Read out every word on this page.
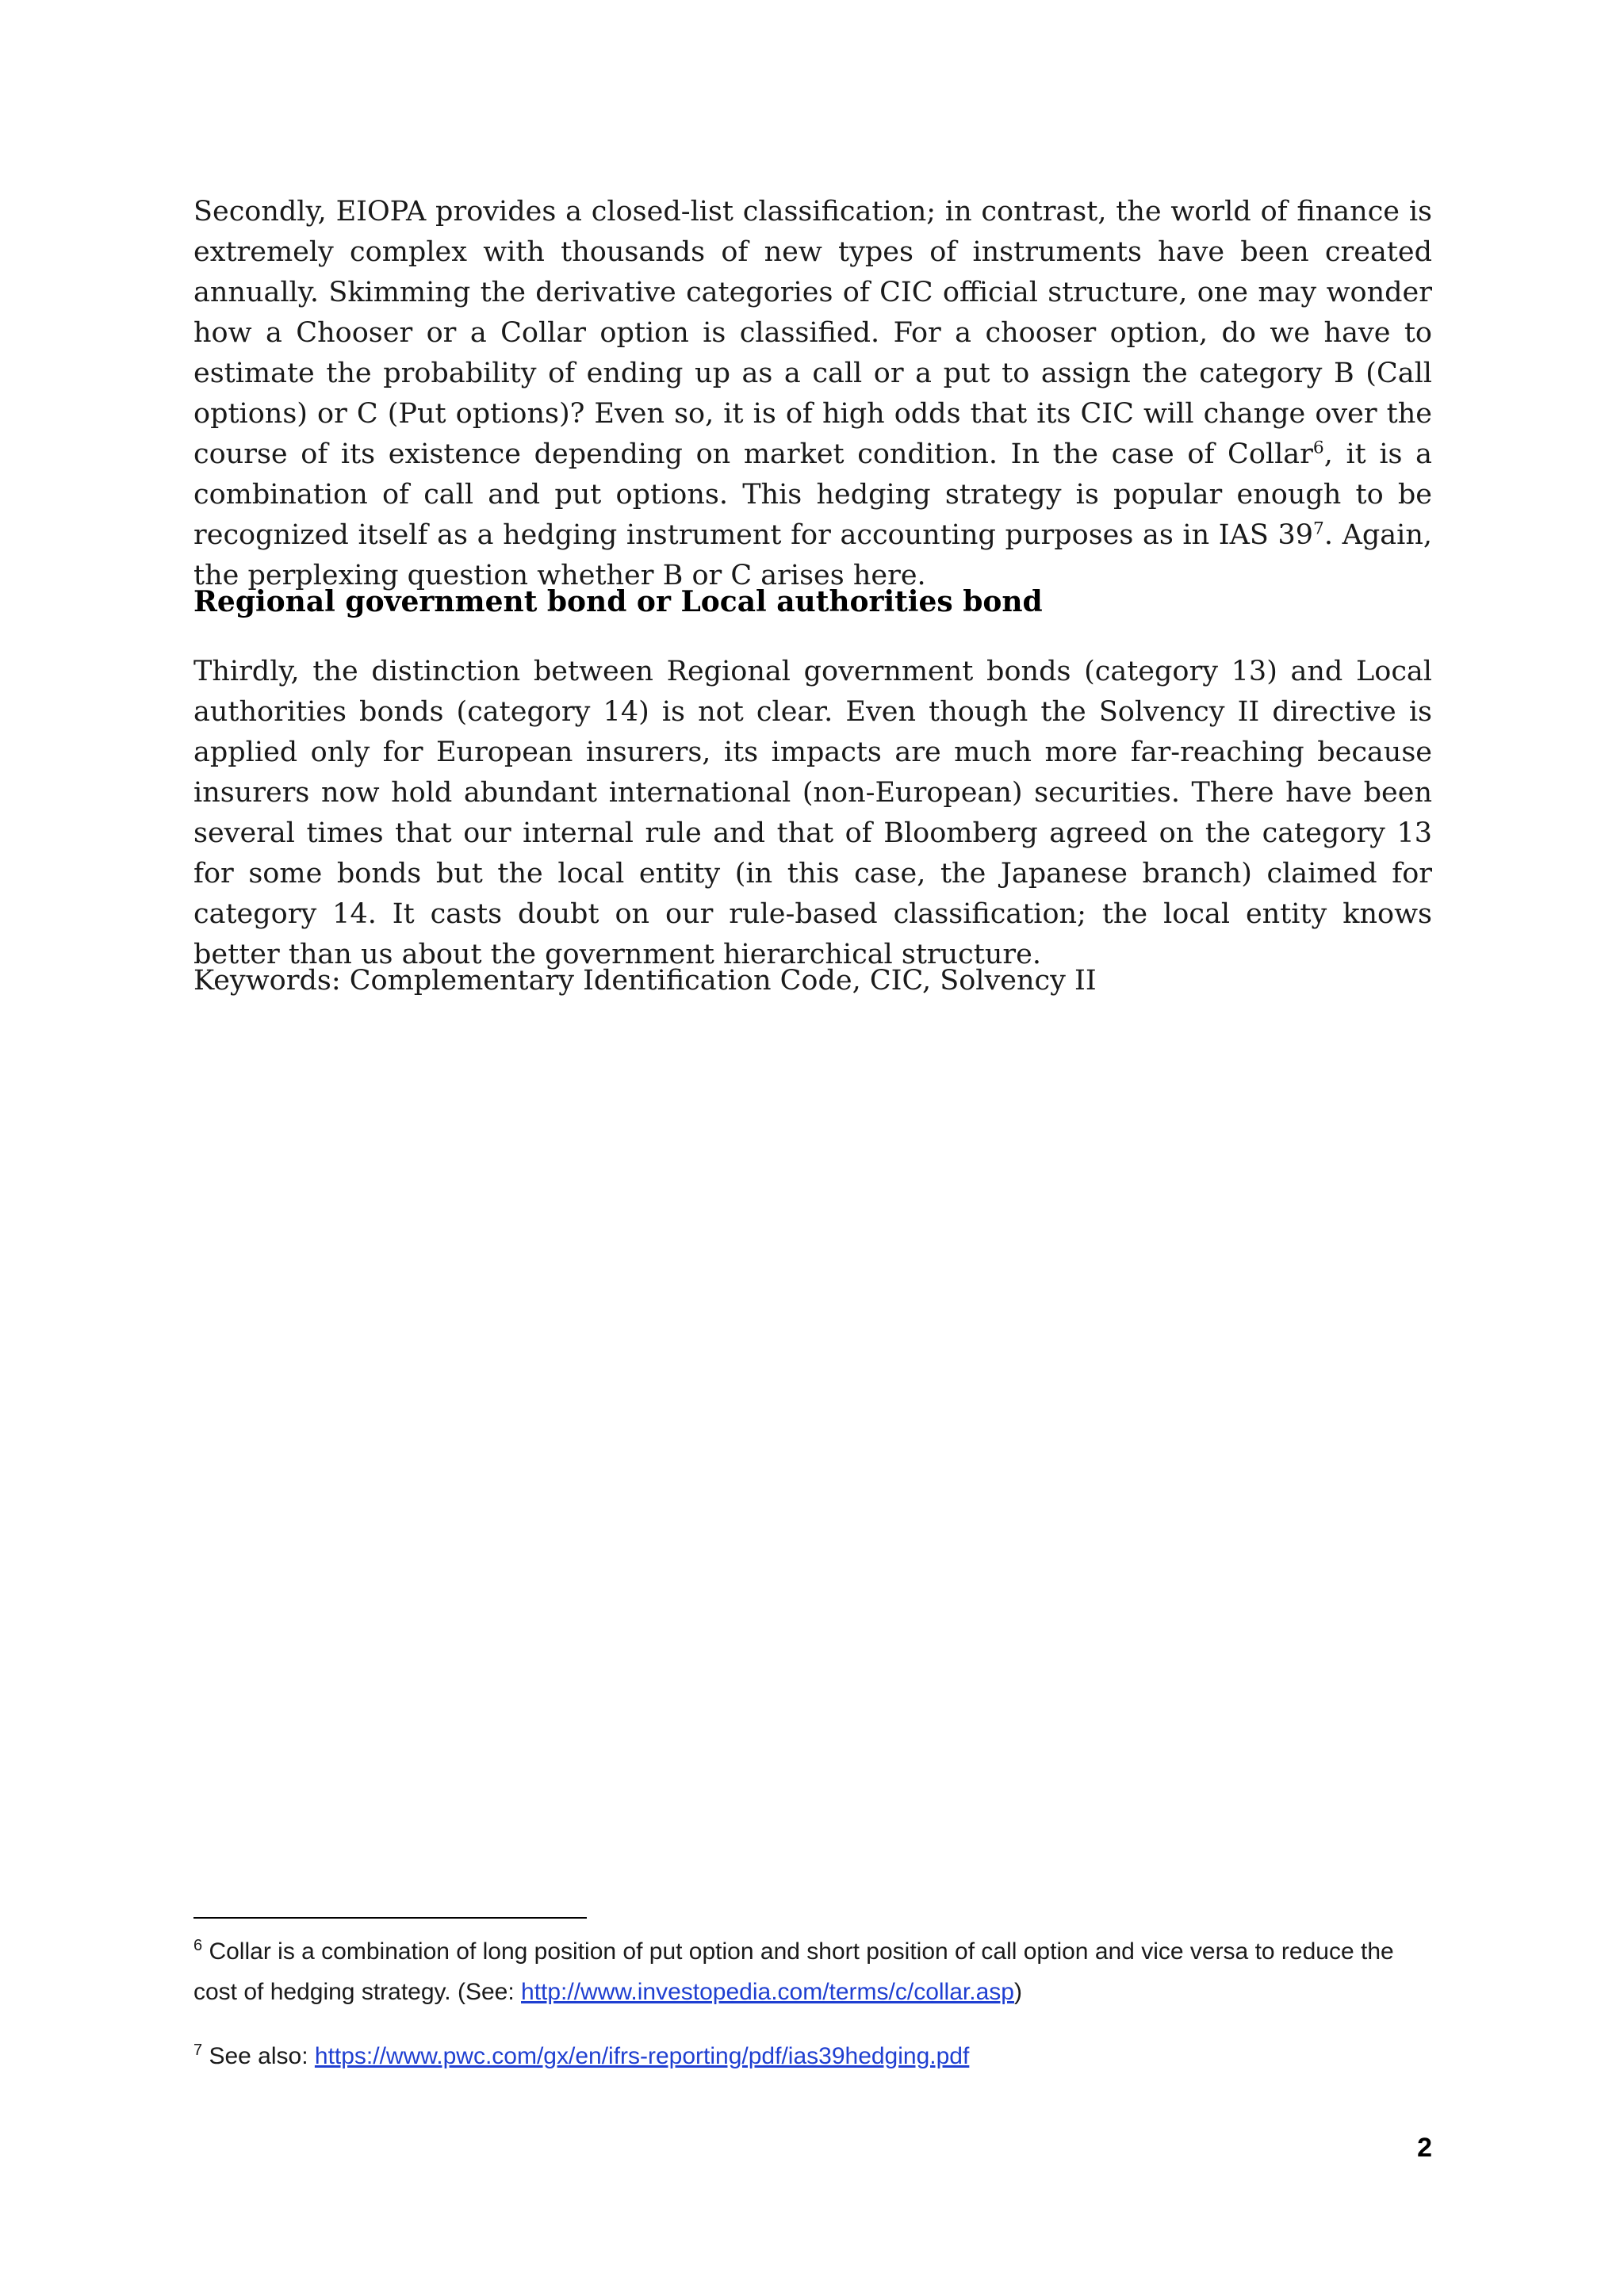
Secondly, EIOPA provides a closed-list classification; in contrast, the world of finance is extremely complex with thousands of new types of instruments have been created annually. Skimming the derivative categories of CIC official structure, one may wonder how a Chooser or a Collar option is classified. For a chooser option, do we have to estimate the probability of ending up as a call or a put to assign the category B (Call options) or C (Put options)? Even so, it is of high odds that its CIC will change over the course of its existence depending on market condition. In the case of Collar$^6$, it is a combination of call and put options. This hedging strategy is popular enough to be recognized itself as a hedging instrument for accounting purposes as in IAS $39^7$. Again, the perplexing question whether B or C arises here.

Regional government bond or Local authorities bond

Thirdly, the distinction between Regional government bonds (category 13) and Local authorities bonds (category 14) is not clear. Even though the Solvency II directive is applied only for European insurers, its impacts are much more far-reaching because insurers now hold abundant international (non-European) securities. There have been several times that our internal rule and that of Bloomberg agreed on the category 13 for some bonds but the local entity (in this case, the Japanese branch) claimed for category 14. It casts doubt on our rule-based classification; the local entity knows better than us about the government hierarchical structure.

Keywords: Complementary Identification Code, CIC, Solvency II

$^6$ Collar is a combination of long position of put option and short position of call option and vice versa to reduce the cost of hedging strategy. (See: http://www.investopedia.com/terms/c/collar.asp)

$^7$ See also: https://www.pwc.com/gx/en/ifrs-reporting/pdf/ias39hedging.pdf

2
